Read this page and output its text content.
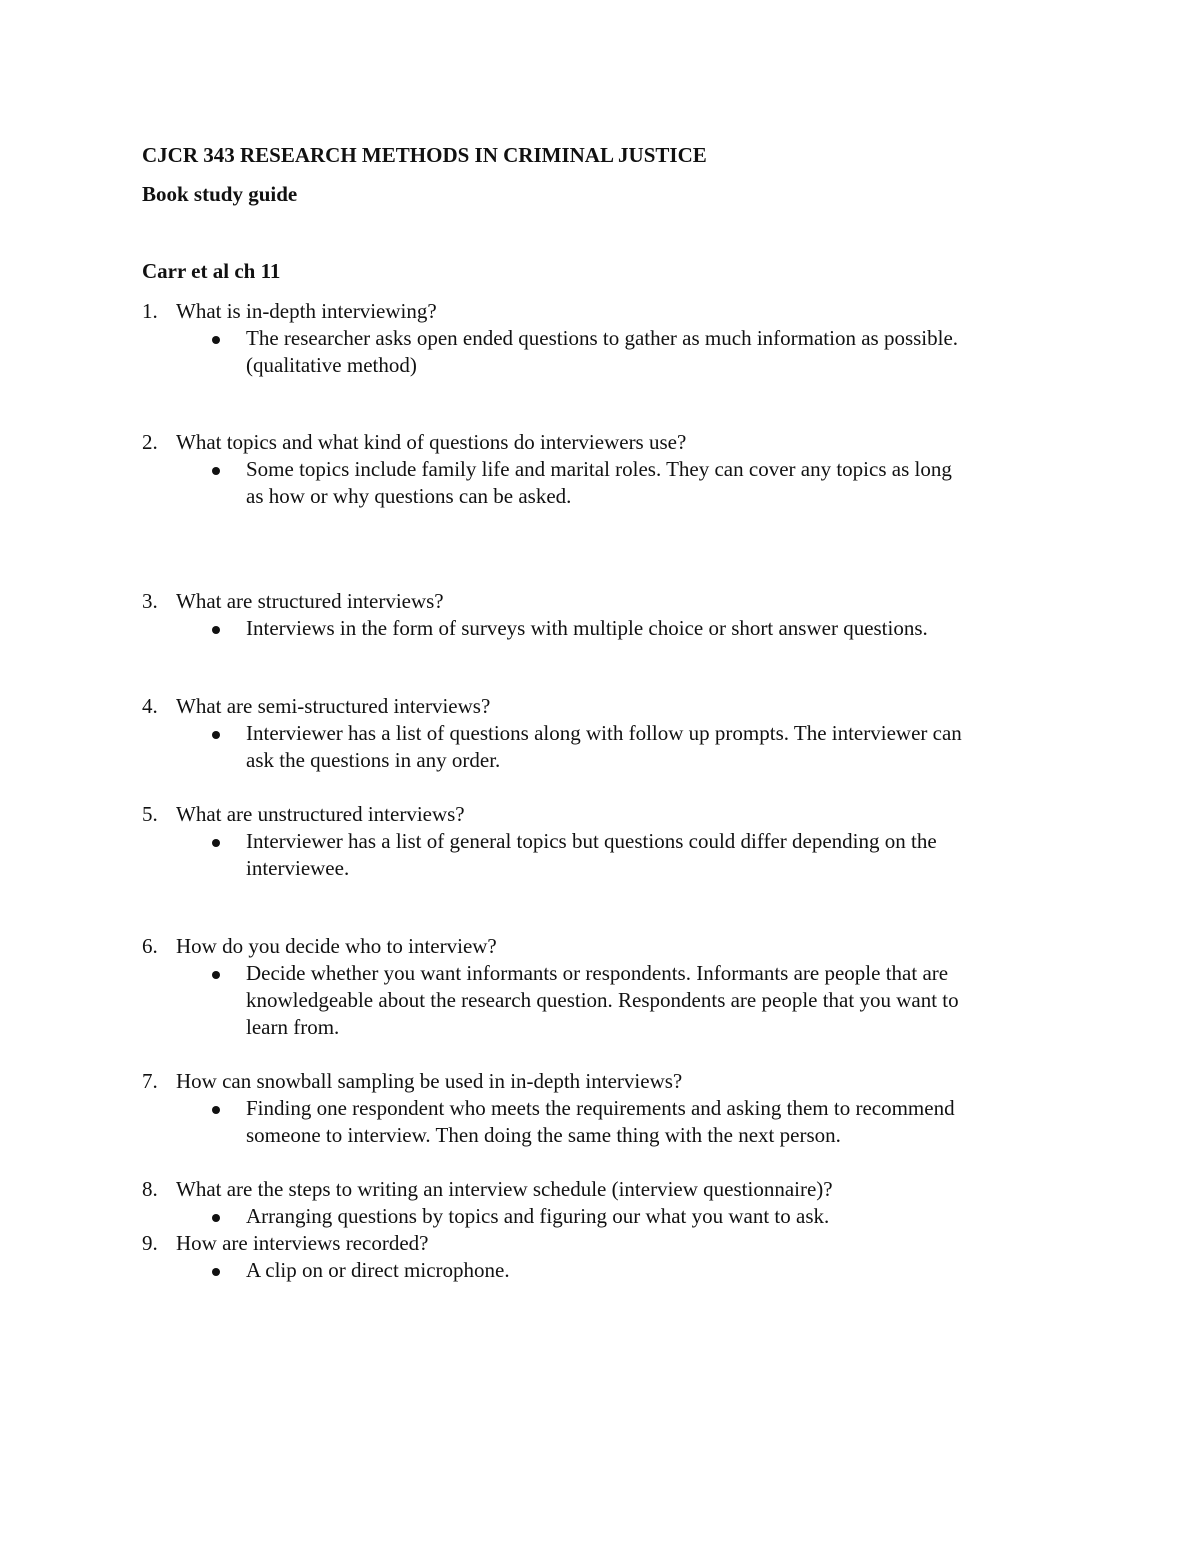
CJCR 343 RESEARCH METHODS IN CRIMINAL JUSTICE
Book study guide
Carr et al ch 11
1. What is in-depth interviewing?
The researcher asks open ended questions to gather as much information as possible.
(qualitative method)
2. What topics and what kind of questions do interviewers use?
Some topics include family life and marital roles. They can cover any topics as long
as how or why questions can be asked.
3. What are structured interviews?
Interviews in the form of surveys with multiple choice or short answer questions.
4. What are semi-structured interviews?
Interviewer has a list of questions along with follow up prompts. The interviewer can
ask the questions in any order.
5. What are unstructured interviews?
Interviewer has a list of general topics but questions could differ depending on the
interviewee.
6. How do you decide who to interview?
Decide whether you want informants or respondents. Informants are people that are
knowledgeable about the research question. Respondents are people that you want to
learn from.
7. How can snowball sampling be used in in-depth interviews?
Finding one respondent who meets the requirements and asking them to recommend
someone to interview. Then doing the same thing with the next person.
8. What are the steps to writing an interview schedule (interview questionnaire)?
Arranging questions by topics and figuring our what you want to ask.
9. How are interviews recorded?
A clip on or direct microphone.
